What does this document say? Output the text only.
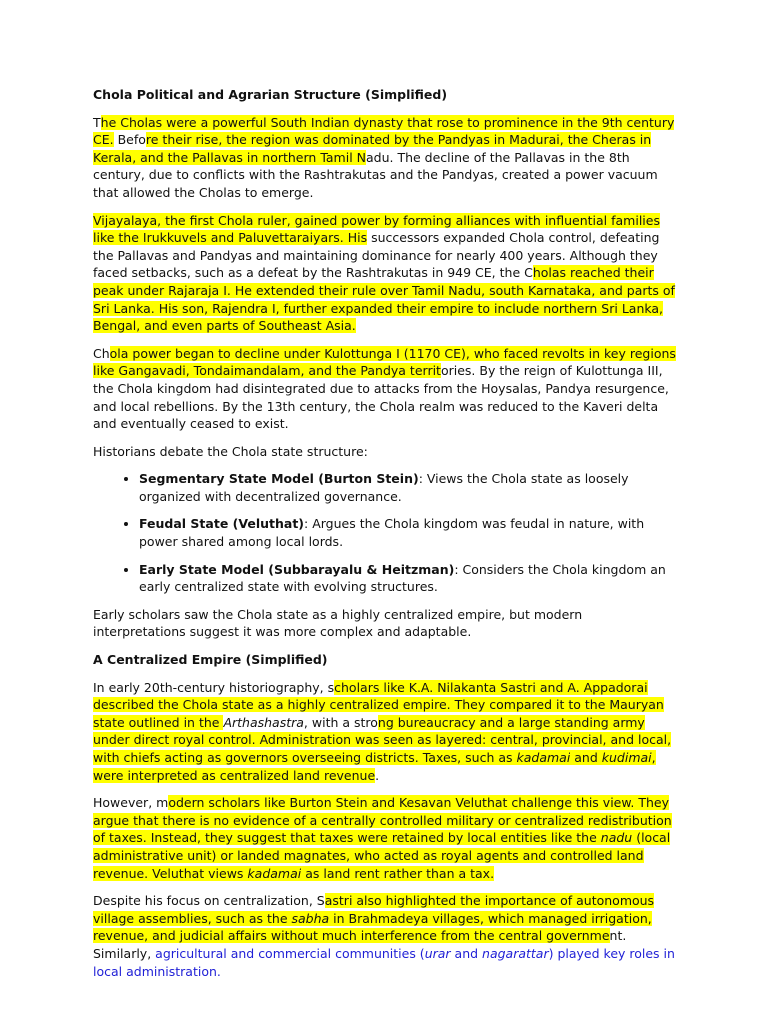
Chola Political and Agrarian Structure (Simplified)

The Cholas were a powerful South Indian dynasty that rose to prominence in the 9th century CE. Before their rise, the region was dominated by the Pandyas in Madurai, the Cheras in Kerala, and the Pallavas in northern Tamil Nadu. The decline of the Pallavas in the 8th century, due to conflicts with the Rashtrakutas and the Pandyas, created a power vacuum that allowed the Cholas to emerge.

Vijayalaya, the first Chola ruler, gained power by forming alliances with influential families like the Irukkuvels and Paluvettaraiyars. His successors expanded Chola control, defeating the Pallavas and Pandyas and maintaining dominance for nearly 400 years. Although they faced setbacks, such as a defeat by the Rashtrakutas in 949 CE, the Cholas reached their peak under Rajaraja I. He extended their rule over Tamil Nadu, south Karnataka, and parts of Sri Lanka. His son, Rajendra I, further expanded their empire to include northern Sri Lanka, Bengal, and even parts of Southeast Asia.

Chola power began to decline under Kulottunga I (1170 CE), who faced revolts in key regions like Gangavadi, Tondaimandalam, and the Pandya territories. By the reign of Kulottunga III, the Chola kingdom had disintegrated due to attacks from the Hoysalas, Pandya resurgence, and local rebellions. By the 13th century, the Chola realm was reduced to the Kaveri delta and eventually ceased to exist.

Historians debate the Chola state structure:

• Segmentary State Model (Burton Stein): Views the Chola state as loosely organized with decentralized governance.
• Feudal State (Veluthat): Argues the Chola kingdom was feudal in nature, with power shared among local lords.
• Early State Model (Subbarayalu & Heitzman): Considers the Chola kingdom an early centralized state with evolving structures.

Early scholars saw the Chola state as a highly centralized empire, but modern interpretations suggest it was more complex and adaptable.

A Centralized Empire (Simplified)

In early 20th-century historiography, scholars like K.A. Nilakanta Sastri and A. Appadorai described the Chola state as a highly centralized empire. They compared it to the Mauryan state outlined in the Arthashastra, with a strong bureaucracy and a large standing army under direct royal control. Administration was seen as layered: central, provincial, and local, with chiefs acting as governors overseeing districts. Taxes, such as kadamai and kudimai, were interpreted as centralized land revenue.

However, modern scholars like Burton Stein and Kesavan Veluthat challenge this view. They argue that there is no evidence of a centrally controlled military or centralized redistribution of taxes. Instead, they suggest that taxes were retained by local entities like the nadu (local administrative unit) or landed magnates, who acted as royal agents and controlled land revenue. Veluthat views kadamai as land rent rather than a tax.

Despite his focus on centralization, Sastri also highlighted the importance of autonomous village assemblies, such as the sabha in Brahmadeya villages, which managed irrigation, revenue, and judicial affairs without much interference from the central government. Similarly, agricultural and commercial communities (urar and nagarattar) played key roles in local administration.
